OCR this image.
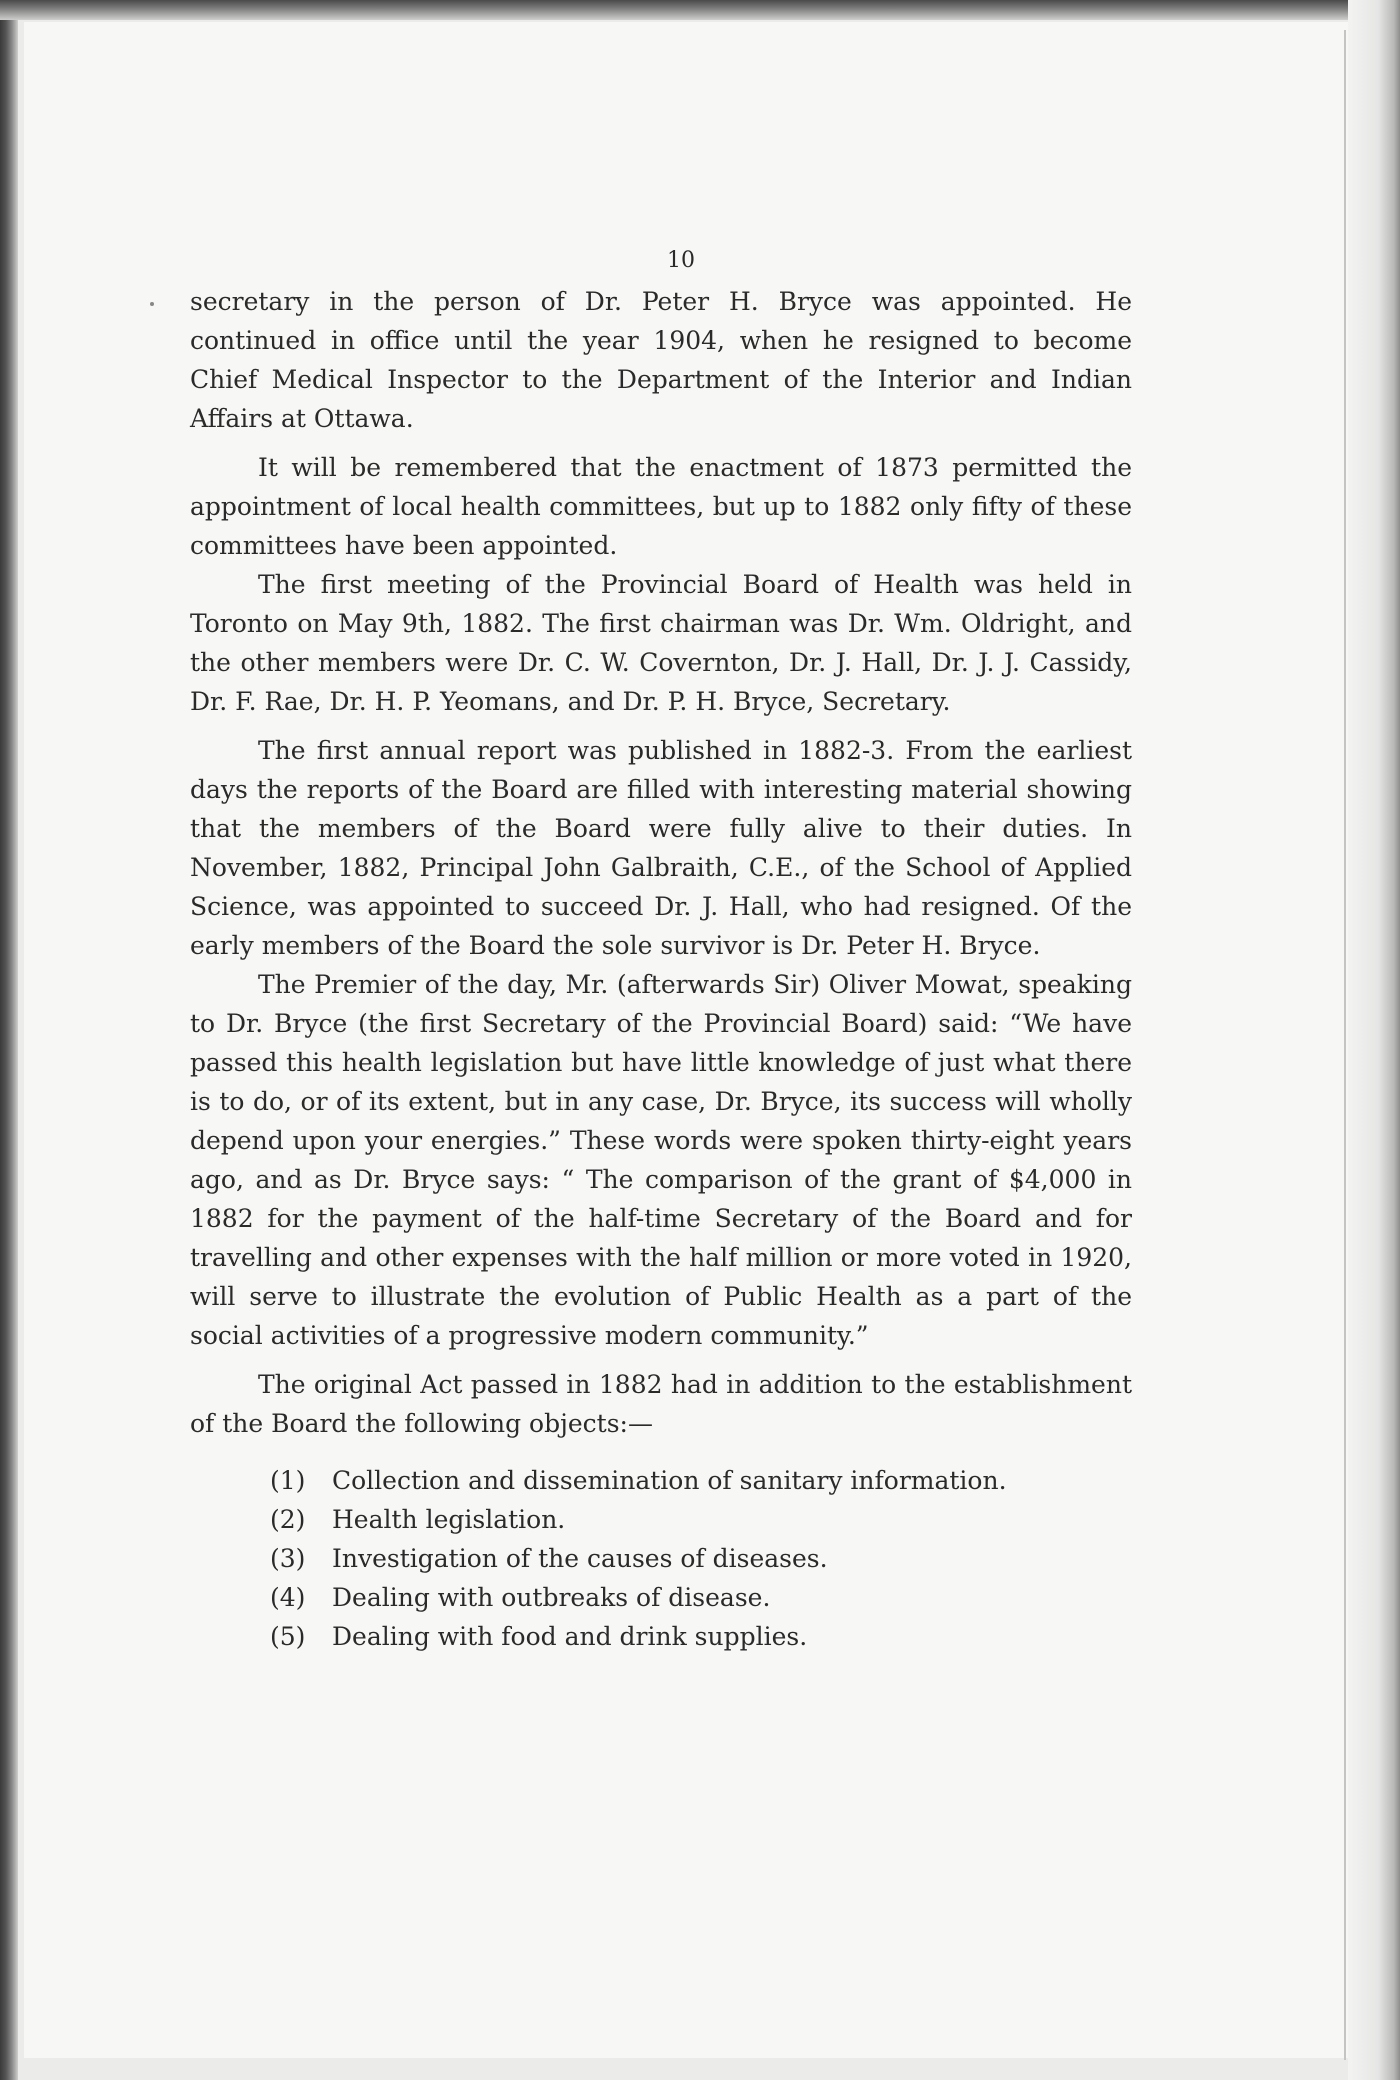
10

secretary in the person of Dr. Peter H. Bryce was appointed. He continued in office until the year 1904, when he resigned to become Chief Medical Inspector to the Department of the Interior and Indian Affairs at Ottawa.

It will be remembered that the enactment of 1873 permitted the appointment of local health committees, but up to 1882 only fifty of these committees have been appointed.

The first meeting of the Provincial Board of Health was held in Toronto on May 9th, 1882. The first chairman was Dr. Wm. Oldright, and the other members were Dr. C. W. Covernton, Dr. J. Hall, Dr. J. J. Cassidy, Dr. F. Rae, Dr. H. P. Yeomans, and Dr. P. H. Bryce, Secretary.

The first annual report was published in 1882-3. From the earliest days the reports of the Board are filled with interesting material showing that the members of the Board were fully alive to their duties. In November, 1882, Principal John Galbraith, C.E., of the School of Applied Science, was appointed to succeed Dr. J. Hall, who had resigned. Of the early members of the Board the sole survivor is Dr. Peter H. Bryce.

The Premier of the day, Mr. (afterwards Sir) Oliver Mowat, speaking to Dr. Bryce (the first Secretary of the Provincial Board) said: “We have passed this health legislation but have little knowledge of just what there is to do, or of its extent, but in any case, Dr. Bryce, its success will wholly depend upon your energies.” These words were spoken thirty-eight years ago, and as Dr. Bryce says: “ The comparison of the grant of $4,000 in 1882 for the payment of the half-time Secretary of the Board and for travelling and other expenses with the half million or more voted in 1920, will serve to illustrate the evolution of Public Health as a part of the social activities of a progressive modern community.”

The original Act passed in 1882 had in addition to the establishment of the Board the following objects:—

(1) Collection and dissemination of sanitary information.
(2) Health legislation.
(3) Investigation of the causes of diseases.
(4) Dealing with outbreaks of disease.
(5) Dealing with food and drink supplies.
